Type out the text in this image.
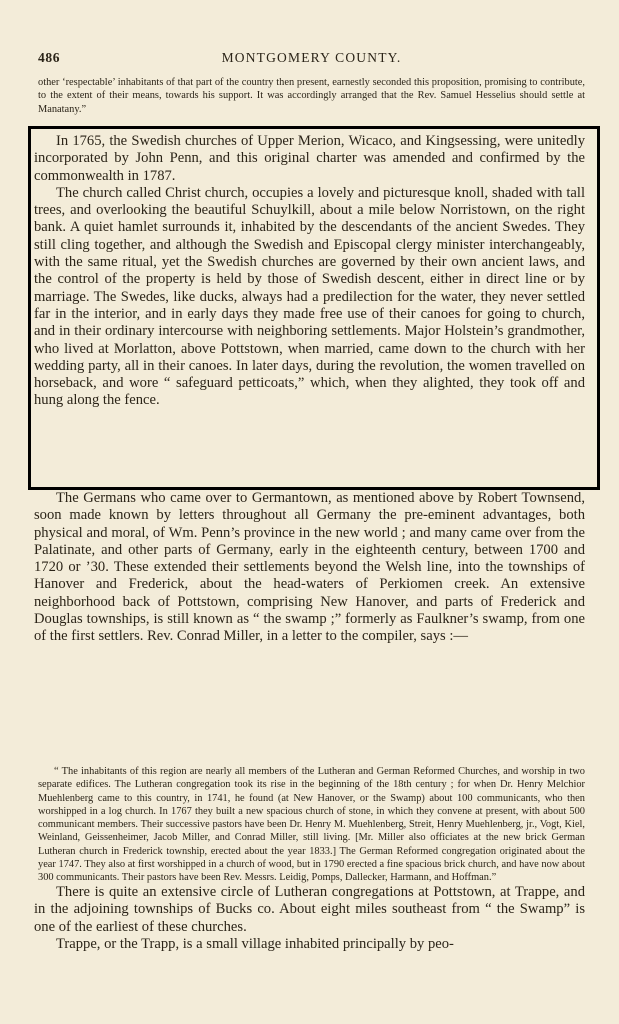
486	MONTGOMERY COUNTY.

other ‘respectable’ inhabitants of that part of the country then present, earnestly seconded this proposition, promising to contribute, to the extent of their means, towards his support. It was accordingly arranged that the Rev. Samuel Hesselius should settle at Manatany.”

In 1765, the Swedish churches of Upper Merion, Wicaco, and Kingsessing, were unitedly incorporated by John Penn, and this original charter was amended and confirmed by the commonwealth in 1787.

The church called Christ church, occupies a lovely and picturesque knoll, shaded with tall trees, and overlooking the beautiful Schuylkill, about a mile below Norristown, on the right bank. A quiet hamlet surrounds it, inhabited by the descendants of the ancient Swedes. They still cling together, and although the Swedish and Episcopal clergy minister interchangeably, with the same ritual, yet the Swedish churches are governed by their own ancient laws, and the control of the property is held by those of Swedish descent, either in direct line or by marriage. The Swedes, like ducks, always had a predilection for the water, they never settled far in the interior, and in early days they made free use of their canoes for going to church, and in their ordinary intercourse with neighboring settlements. Major Holstein’s grandmother, who lived at Morlatton, above Pottstown, when married, came down to the church with her wedding party, all in their canoes. In later days, during the revolution, the women travelled on horseback, and wore “ safeguard petticoats,” which, when they alighted, they took off and hung along the fence.

The Germans who came over to Germantown, as mentioned above by Robert Townsend, soon made known by letters throughout all Germany the pre-eminent advantages, both physical and moral, of Wm. Penn’s province in the new world ; and many came over from the Palatinate, and other parts of Germany, early in the eighteenth century, between 1700 and 1720 or ’30. These extended their settlements beyond the Welsh line, into the townships of Hanover and Frederick, about the head-waters of Perkiomen creek. An extensive neighborhood back of Pottstown, comprising New Hanover, and parts of Frederick and Douglas townships, is still known as “ the swamp ;” formerly as Faulkner’s swamp, from one of the first settlers. Rev. Conrad Miller, in a letter to the compiler, says :—

“ The inhabitants of this region are nearly all members of the Lutheran and German Reformed Churches, and worship in two separate edifices. The Lutheran congregation took its rise in the beginning of the 18th century ; for when Dr. Henry Melchior Muehlenberg came to this country, in 1741, he found (at New Hanover, or the Swamp) about 100 communicants, who then worshipped in a log church. In 1767 they built a new spacious church of stone, in which they convene at present, with about 500 communicant members. Their successive pastors have been Dr. Henry M. Muehlenberg, Streit, Henry Muehlenberg, jr., Vogt, Kiel, Weinland, Geissenheimer, Jacob Miller, and Conrad Miller, still living. [Mr. Miller also officiates at the new brick German Lutheran church in Frederick township, erected about the year 1833.] The German Reformed congregation originated about the year 1747. They also at first worshipped in a church of wood, but in 1790 erected a fine spacious brick church, and have now about 300 communicants. Their pastors have been Rev. Messrs. Leidig, Pomps, Dallecker, Harmann, and Hoffman.”

There is quite an extensive circle of Lutheran congregations at Pottstown, at Trappe, and in the adjoining townships of Bucks co. About eight miles southeast from “ the Swamp” is one of the earliest of these churches.

Trappe, or the Trapp, is a small village inhabited principally by peo-
